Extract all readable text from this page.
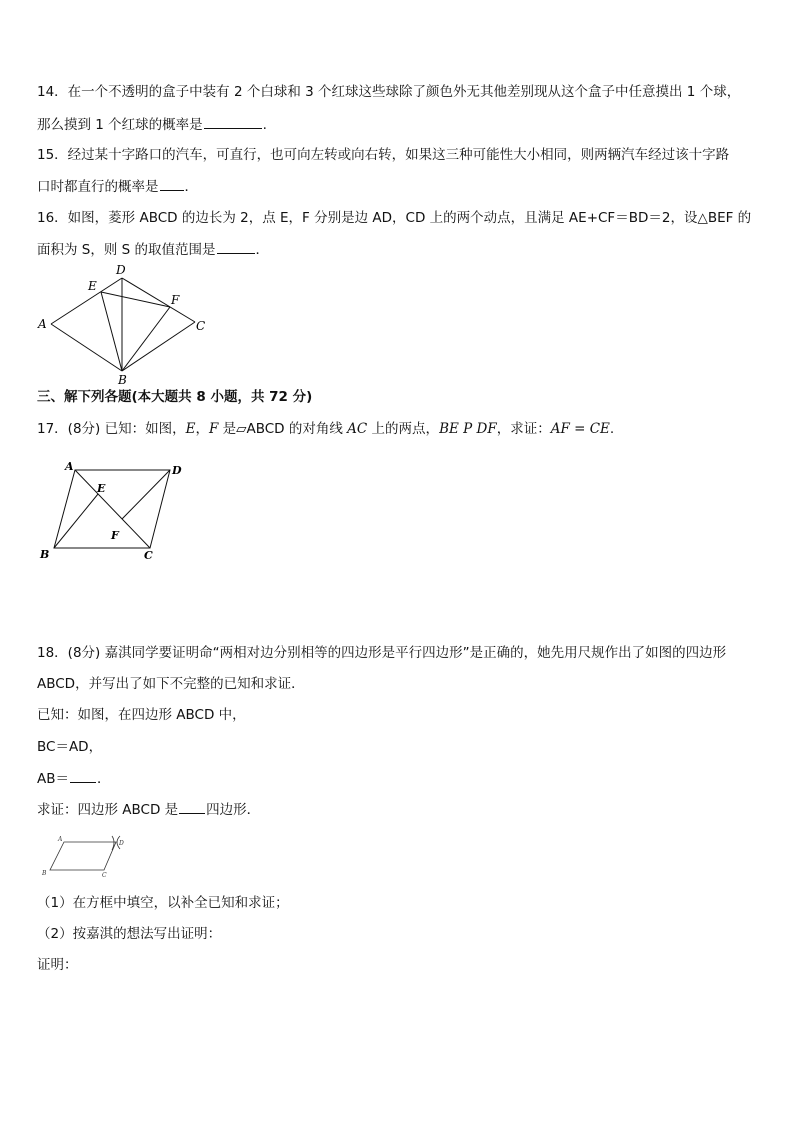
14．在一个不透明的盒子中装有 2 个白球和 3 个红球这些球除了颜色外无其他差别现从这个盒子中任意摸出 1 个球，
那么摸到 1 个红球的概率是	.
15．经过某十字路口的汽车，可直行，也可向左转或向右转，如果这三种可能性大小相同，则两辆汽车经过该十字路
口时都直行的概率是 ．
16．如图，菱形 ABCD 的边长为 2，点 E，F 分别是边 AD，CD 上的两个动点，且满足 AE+CF＝BD＝2，设△BEF 的
面积为 S，则 S 的取值范围是	．
A
D
E
F
C
B
三、解下列各题(本大题共 8 小题，共 72 分)
17．(8分) 已知：如图，E，F 是▱ABCD 的对角线 AC 上的两点，BE P DF，求证：AF = CE.
A	D
E
F
B	C
18．(8分) 嘉淇同学要证明命“两相对边分别相等的四边形是平行四边形”是正确的，她先用尺规作出了如图的四边形
ABCD，并写出了如下不完整的已知和求证．
已知：如图，在四边形 ABCD 中，
BC＝AD，
AB＝ ．
求证：四边形 ABCD 是 四边形．
A
D
B	C
（1）在方框中填空，以补全已知和求证；
（2）按嘉淇的想法写出证明：
证明：
